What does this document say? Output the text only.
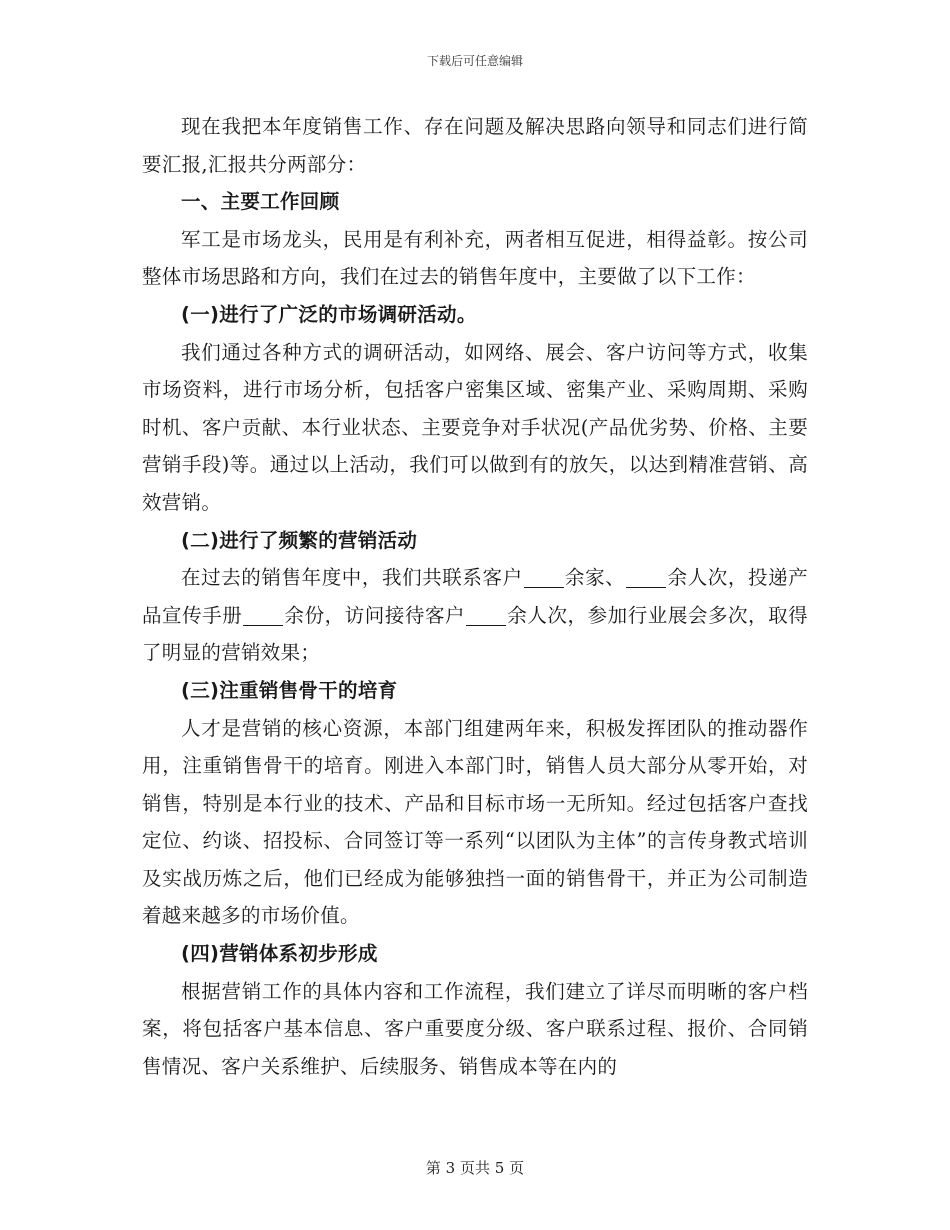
下载后可任意编辑

现在我把本年度销售工作、存在问题及解决思路向领导和同志们进行简要汇报,汇报共分两部分：

一、主要工作回顾

军工是市场龙头，民用是有利补充，两者相互促进，相得益彰。按公司整体市场思路和方向，我们在过去的销售年度中，主要做了以下工作：

(一)进行了广泛的市场调研活动。

我们通过各种方式的调研活动，如网络、展会、客户访问等方式，收集市场资料，进行市场分析，包括客户密集区域、密集产业、采购周期、采购时机、客户贡献、本行业状态、主要竞争对手状况(产品优劣势、价格、主要营销手段)等。通过以上活动，我们可以做到有的放矢，以达到精准营销、高效营销。

(二)进行了频繁的营销活动

在过去的销售年度中，我们共联系客户 余家、 余人次，投递产品宣传手册 余份，访问接待客户 余人次，参加行业展会多次，取得了明显的营销效果；

(三)注重销售骨干的培育

人才是营销的核心资源，本部门组建两年来，积极发挥团队的推动器作用，注重销售骨干的培育。刚进入本部门时，销售人员大部分从零开始，对销售，特别是本行业的技术、产品和目标市场一无所知。经过包括客户查找定位、约谈、招投标、合同签订等一系列“以团队为主体”的言传身教式培训及实战历炼之后，他们已经成为能够独挡一面的销售骨干，并正为公司制造着越来越多的市场价值。

(四)营销体系初步形成

根据营销工作的具体内容和工作流程，我们建立了详尽而明晰的客户档案，将包括客户基本信息、客户重要度分级、客户联系过程、报价、合同销售情况、客户关系维护、后续服务、销售成本等在内的

第 3 页共 5 页
